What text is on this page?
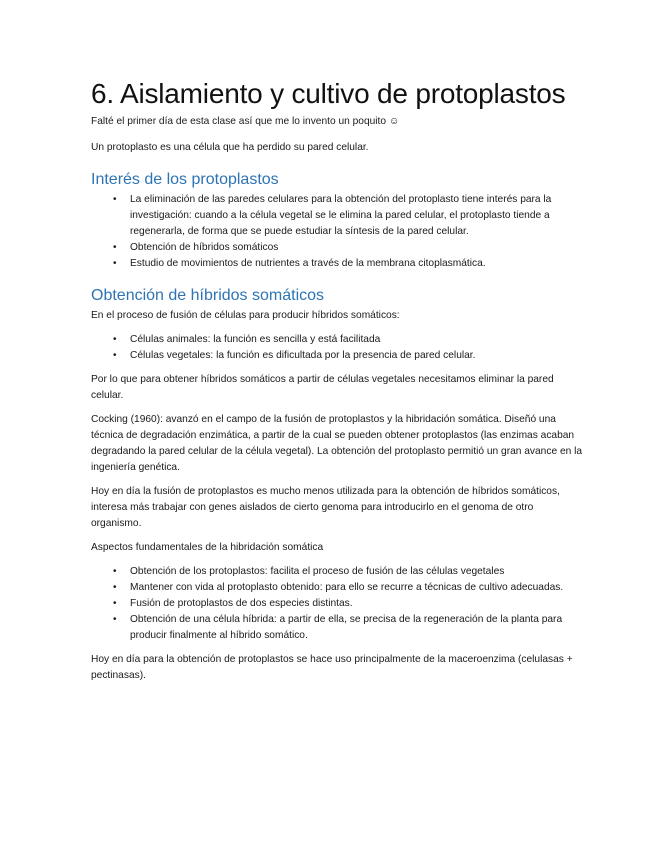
6. Aislamiento y cultivo de protoplastos

Falté el primer día de esta clase así que me lo invento un poquito ☺

Un protoplasto es una célula que ha perdido su pared celular.

Interés de los protoplastos
• La eliminación de las paredes celulares para la obtención del protoplasto tiene interés para la investigación: cuando a la célula vegetal se le elimina la pared celular, el protoplasto tiende a regenerarla, de forma que se puede estudiar la síntesis de la pared celular.
• Obtención de híbridos somáticos
• Estudio de movimientos de nutrientes a través de la membrana citoplasmática.
Obtención de híbridos somáticos

En el proceso de fusión de células para producir híbridos somáticos:

• Células animales: la función es sencilla y está facilitada
• Células vegetales: la función es dificultada por la presencia de pared celular.

Por lo que para obtener híbridos somáticos a partir de células vegetales necesitamos eliminar la pared celular.

Cocking (1960): avanzó en el campo de la fusión de protoplastos y la hibridación somática. Diseñó una técnica de degradación enzimática, a partir de la cual se pueden obtener protoplastos (las enzimas acaban degradando la pared celular de la célula vegetal). La obtención del protoplasto permitió un gran avance en la ingeniería genética.

Hoy en día la fusión de protoplastos es mucho menos utilizada para la obtención de híbridos somáticos, interesa más trabajar con genes aislados de cierto genoma para introducirlo en el genoma de otro organismo.

Aspectos fundamentales de la hibridación somática

• Obtención de los protoplastos: facilita el proceso de fusión de las células vegetales
• Mantener con vida al protoplasto obtenido: para ello se recurre a técnicas de cultivo adecuadas.
• Fusión de protoplastos de dos especies distintas.
• Obtención de una célula híbrida: a partir de ella, se precisa de la regeneración de la planta para producir finalmente al híbrido somático.

Hoy en día para la obtención de protoplastos se hace uso principalmente de la maceroenzima (celulasas + pectinasas).
